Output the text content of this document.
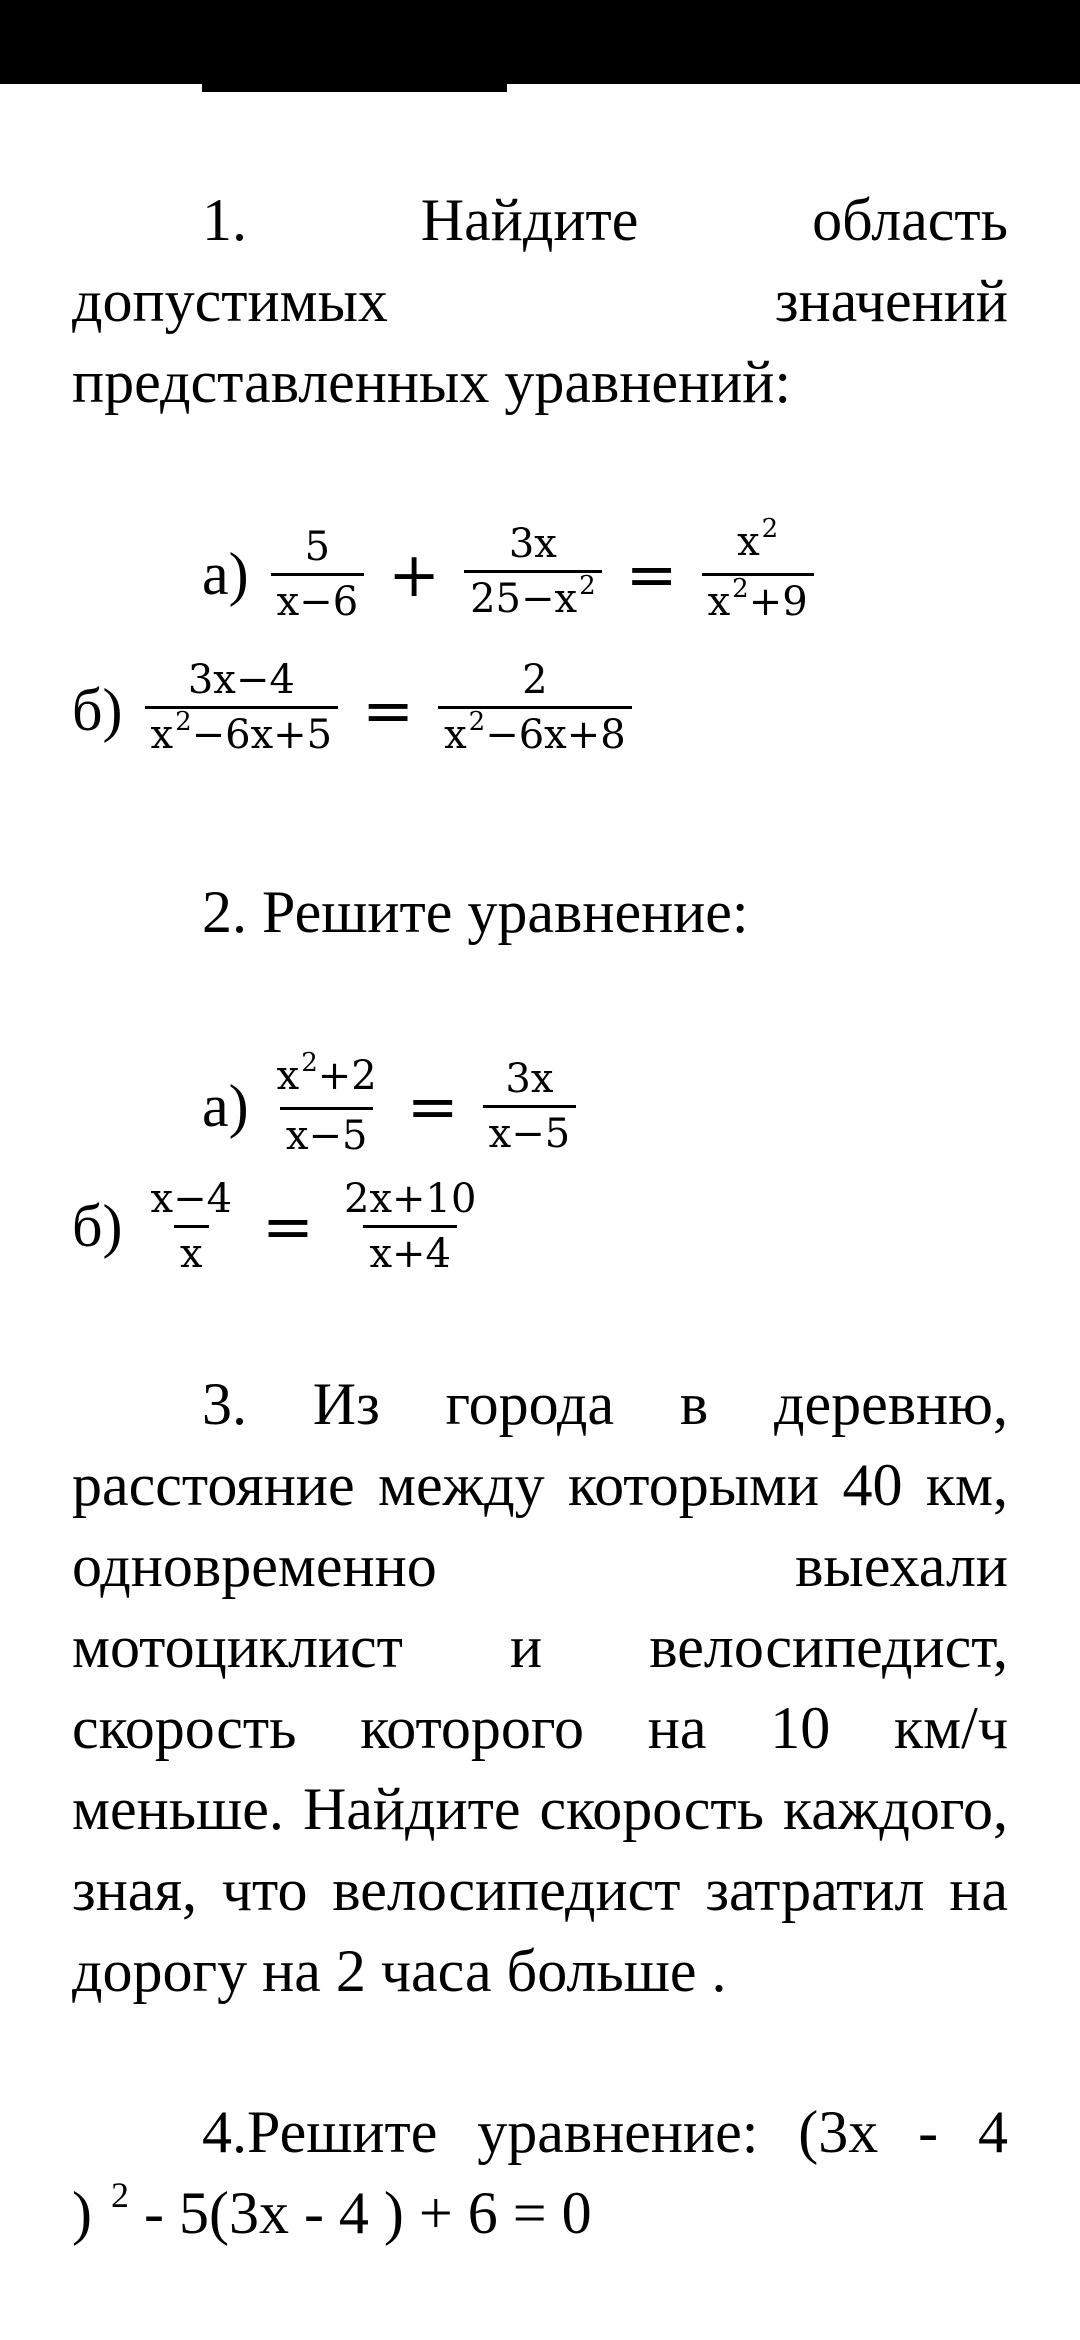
1. Найдите область допустимых значений представленных уравнений:
$а) \frac{5}{x-6} + \frac{3x}{25-x^2} = \frac{x^2}{x^2+9}$
$б) \frac{3x-4}{x^2-6x+5} = \frac{2}{x^2-6x+8}$
2. Решите уравнение:
$а) \frac{x^2+2}{x-5} = \frac{3x}{x-5}$
$б) \frac{x-4}{x} = \frac{2x+10}{x+4}$
3. Из города в деревню, расстояние между которыми 40 км, одновременно выехали мотоциклист и велосипедист, скорость которого на 10 км/ч меньше. Найдите скорость каждого, зная, что велосипедист затратил на дорогу на 2 часа больше .
4.Решите уравнение: (3x - 4
) $^2$ - 5(3x - 4 ) + 6 = 0
